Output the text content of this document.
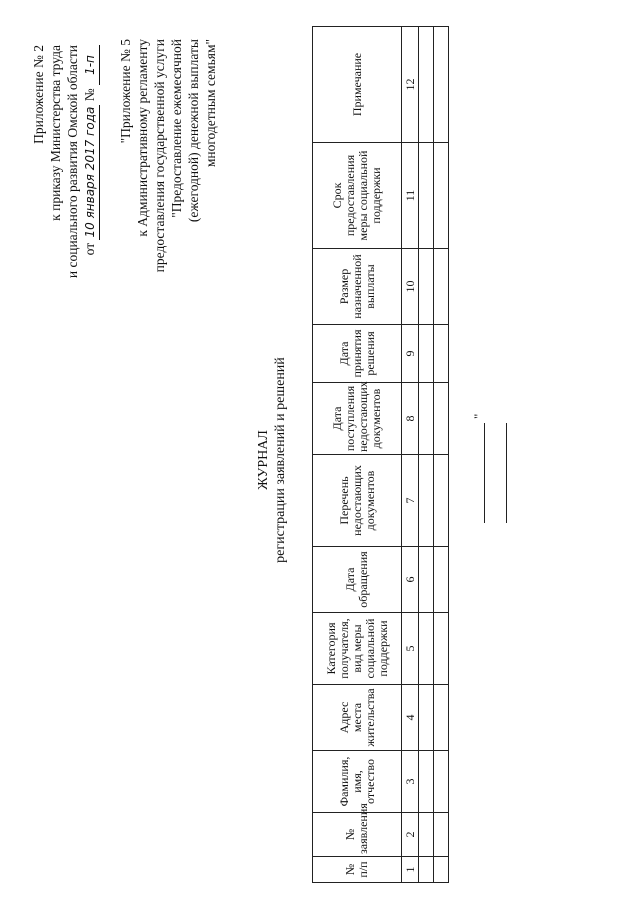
Приложение № 2 к приказу Министерства труда и социального развития Омской области от 10 января 2017 года № 1-п "Приложение № 5 к Административному регламенту предоставления государственной услуги "Предоставление ежемесячной (ежегодной) денежной выплаты многодетным семьям"
ЖУРНАЛ регистрации заявлений и решений
№ п/п	№ заявления	Фамилия, имя, отчество	Адрес места жительства	Категория получателя, вид меры социальной поддержки	Дата обращения	Перечень недостающих документов	Дата поступления недостающих документов	Дата принятия решения	Размер назначенной выплаты	Срок предоставления меры социальной поддержки	Примечание
1	2	3	4	5	6	7	8	9	10	11	12

"
